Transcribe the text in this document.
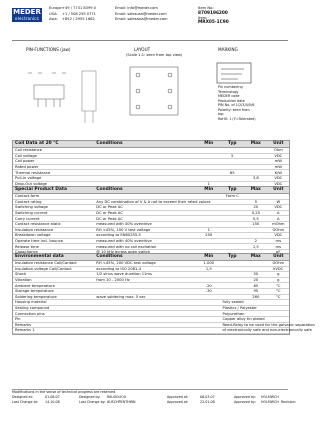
MEDER
electronics
Europe: +49 / 7731 8399 0	Email: info@meder.com
USA:	+1 / 508 295 0771	Email: salesusa@meder.com
Asia:	+852 / 2955 1682	Email: salesasia@meder.com
Item No.:
8709196200
Item:
MRX05-1C90
PIN-FUNCTIONS (jaw)	LAYOUT
(Scale 1:1: seen from top view)
MARKING
Pin numbering
Terminology
MEDER code
Production date
PIN No. of 1/2/3/4/5/6
Polarity: seen from
top
RoHS: 1 (Y=Tolerated)
Coil Data at 20 °C	Conditions	Min	Typ	Max	Unit
Coil resistance					Ohm
Coil voltage			5		VDC
Coil power					mW
Rated power					mW
Thermal resistance			65		K/W
Pull-In voltage				3,8	VDC
Drop-Out voltage		1			VDC
Special Product Data	Conditions	Min	Typ	Max	Unit
Contact-form			Form C		
Contact rating	Any DC combination of V & A not to exceed their rated values			5	W
Switching voltage	DC or Peak AC			20	VDC
Switching current	DC or Peak AC			0,25	A
Carry current	DC or Peak AC			0,5	A
Contact resistance static	measured with 40% overdrive			150	mOhm
Insulation resistance	RH <45%, 100 V test voltage	1			GOhm
Breakdown voltage	according to EN60255-5	250			VDC
Operate time incl. bounce	measured with 40% overdrive			2	ms
Release time	measured with no coil excitation			1,5	ms
Capacitance	@ 10 kHz across open switch				pF
Environmental data	Conditions	Min	Typ	Max	Unit
Insulation resistance Coil/Contact	RH <45%, 200 VDC test voltage	1.000			GOhm
Insulation voltage Coil/Contact	according to ISO 2081-4	1,5			kVDC
Shock	1/2 sinus wave duration 11ms			50	g
Vibration	from 10 - 2000 Hz			20	g
Ambient temperature		-20		85	°C
Storage temperature		-30		95	°C
Soldering temperature	wave soldering max. 5 sec			260	°C
Housing material			fully sealed		
Sealing compound			Plastics / Polyester		
Connection pins			Polyurethan		
Pin			Copper alloy tin plated		
Remarks			Reed-Relay to be used for the galvanic separation		
Remarks 1			of electronically safe and non-electronically safe		
Modifications in the sense of technical progress are reserved
Designed at:	01.08.07	Designed by:	RAUXOLIOU	Approved at:	06.03.07	Approved by:	HOLMWCH
Last Change at:	14.10.08	Last Change by: AUSCHPENTHINN	Approved at:	22.01.08	Approved by:	HOLMWCH Revision:
